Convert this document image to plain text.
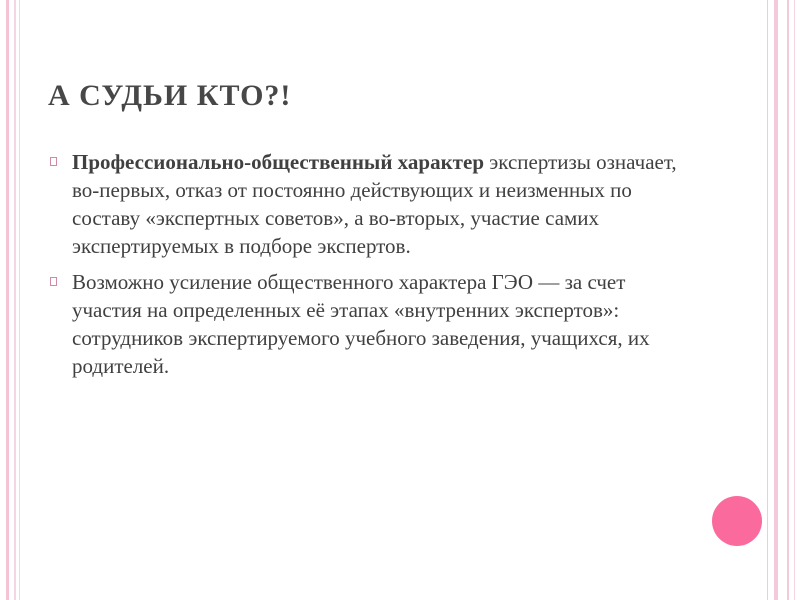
А СУДЬИ КТО?!
Профессионально-общественный характер экспертизы означает, во-первых, отказ от постоянно действующих и неизменных по составу «экспертных советов», а во-вторых, участие самих экспертируемых в подборе экспертов.
Возможно усиление общественного характера ГЭО — за счет участия на определенных её этапах «внутренних экспертов»: сотрудников экспертируемого учебного заведения, учащихся, их родителей.
